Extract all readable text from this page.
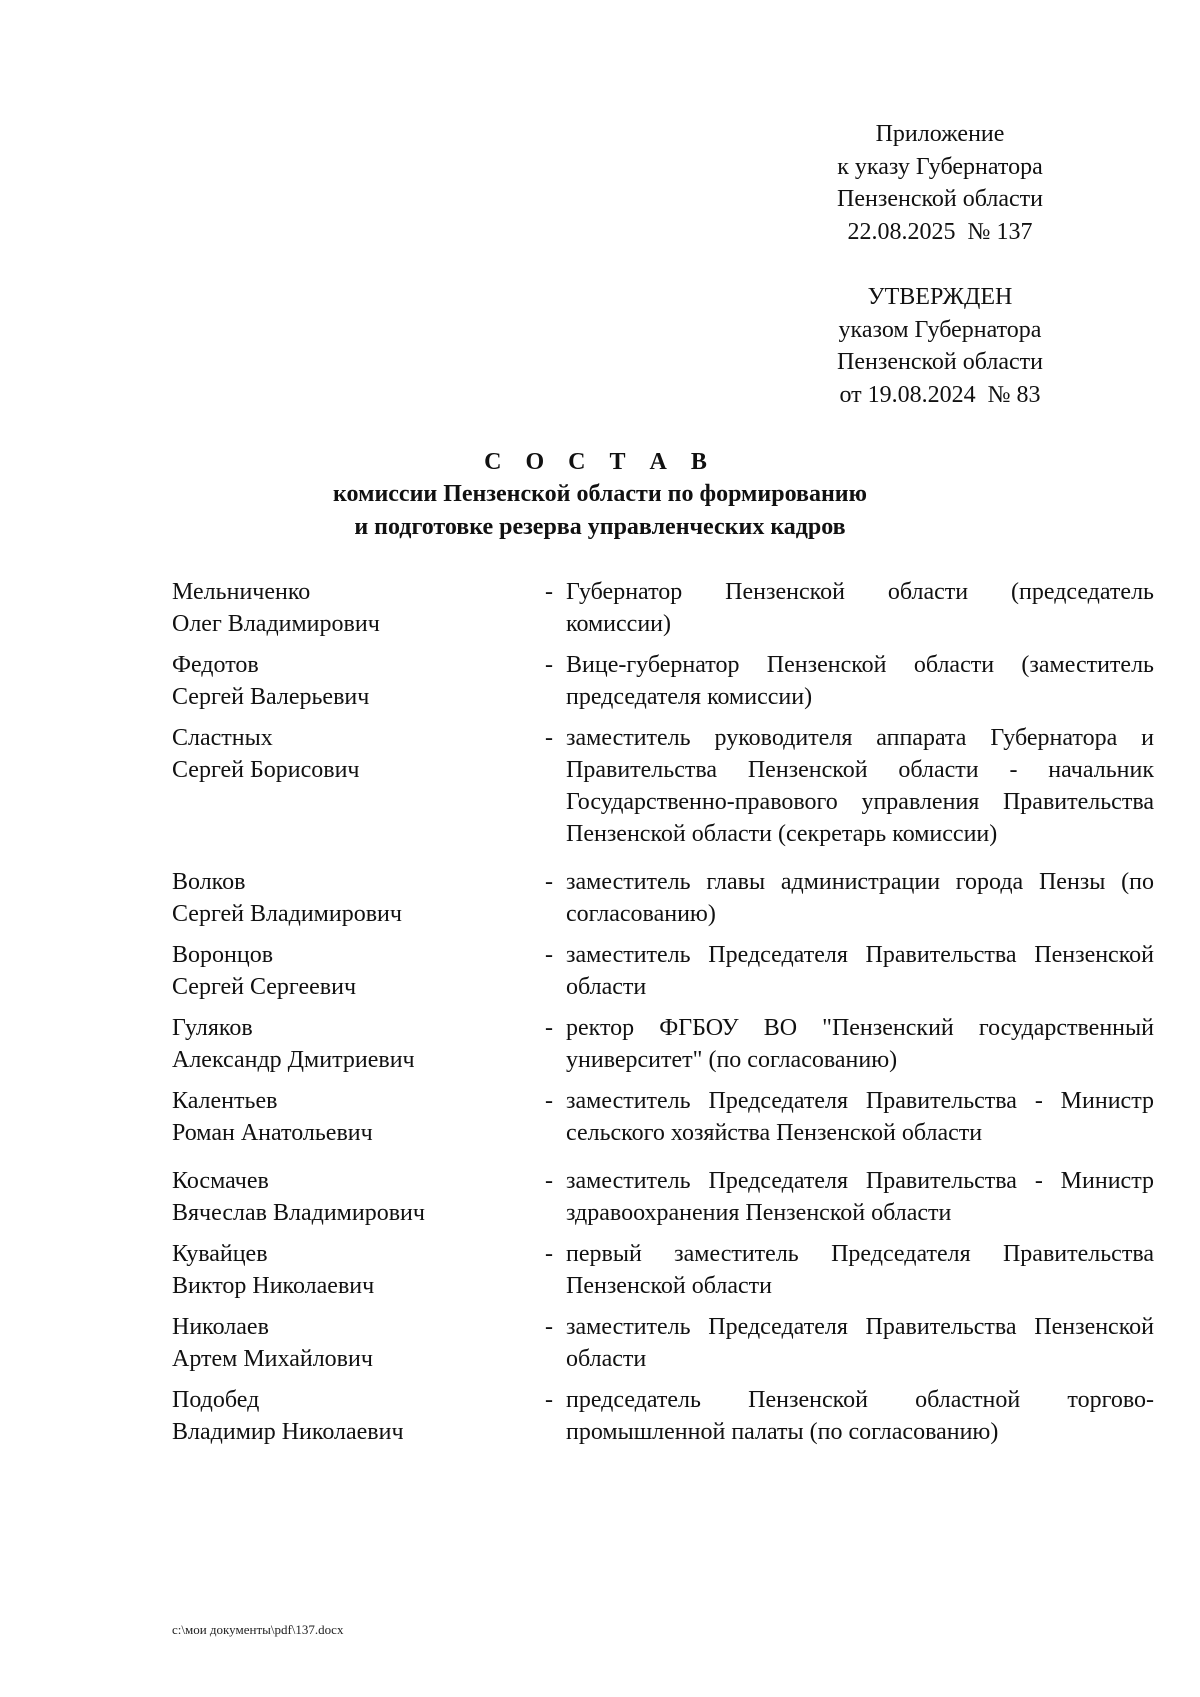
Приложение
к указу Губернатора
Пензенской области
22.08.2025  № 137
УТВЕРЖДЕН
указом Губернатора
Пензенской области
от 19.08.2024  № 83
С О С Т А В
комиссии Пензенской области по формированию
и подготовке резерва управленческих кадров
Мельниченко
Олег Владимирович
- Губернатор Пензенской области (председатель комиссии)
Федотов
Сергей Валерьевич
- Вице-губернатор Пензенской области (заместитель председателя комиссии)
Сластных
Сергей Борисович
- заместитель руководителя аппарата Губернатора и Правительства Пензенской области - начальник Государственно-правового управления Правительства Пензенской области (секретарь комиссии)
Волков
Сергей Владимирович
- заместитель главы администрации города Пензы (по согласованию)
Воронцов
Сергей Сергеевич
- заместитель Председателя Правительства Пензенской области
Гуляков
Александр Дмитриевич
- ректор ФГБОУ ВО "Пензенский государственный университет" (по согласованию)
Калентьев
Роман Анатольевич
- заместитель Председателя Правительства - Министр сельского хозяйства Пензенской области
Космачев
Вячеслав Владимирович
- заместитель Председателя Правительства - Министр здравоохранения Пензенской области
Кувайцев
Виктор Николаевич
- первый заместитель Председателя Правительства Пензенской области
Николаев
Артем Михайлович
- заместитель Председателя Правительства Пензенской области
Подобед
Владимир Николаевич
- председатель Пензенской областной торгово-промышленной палаты (по согласованию)
c:\мои документы\pdf\137.docx
